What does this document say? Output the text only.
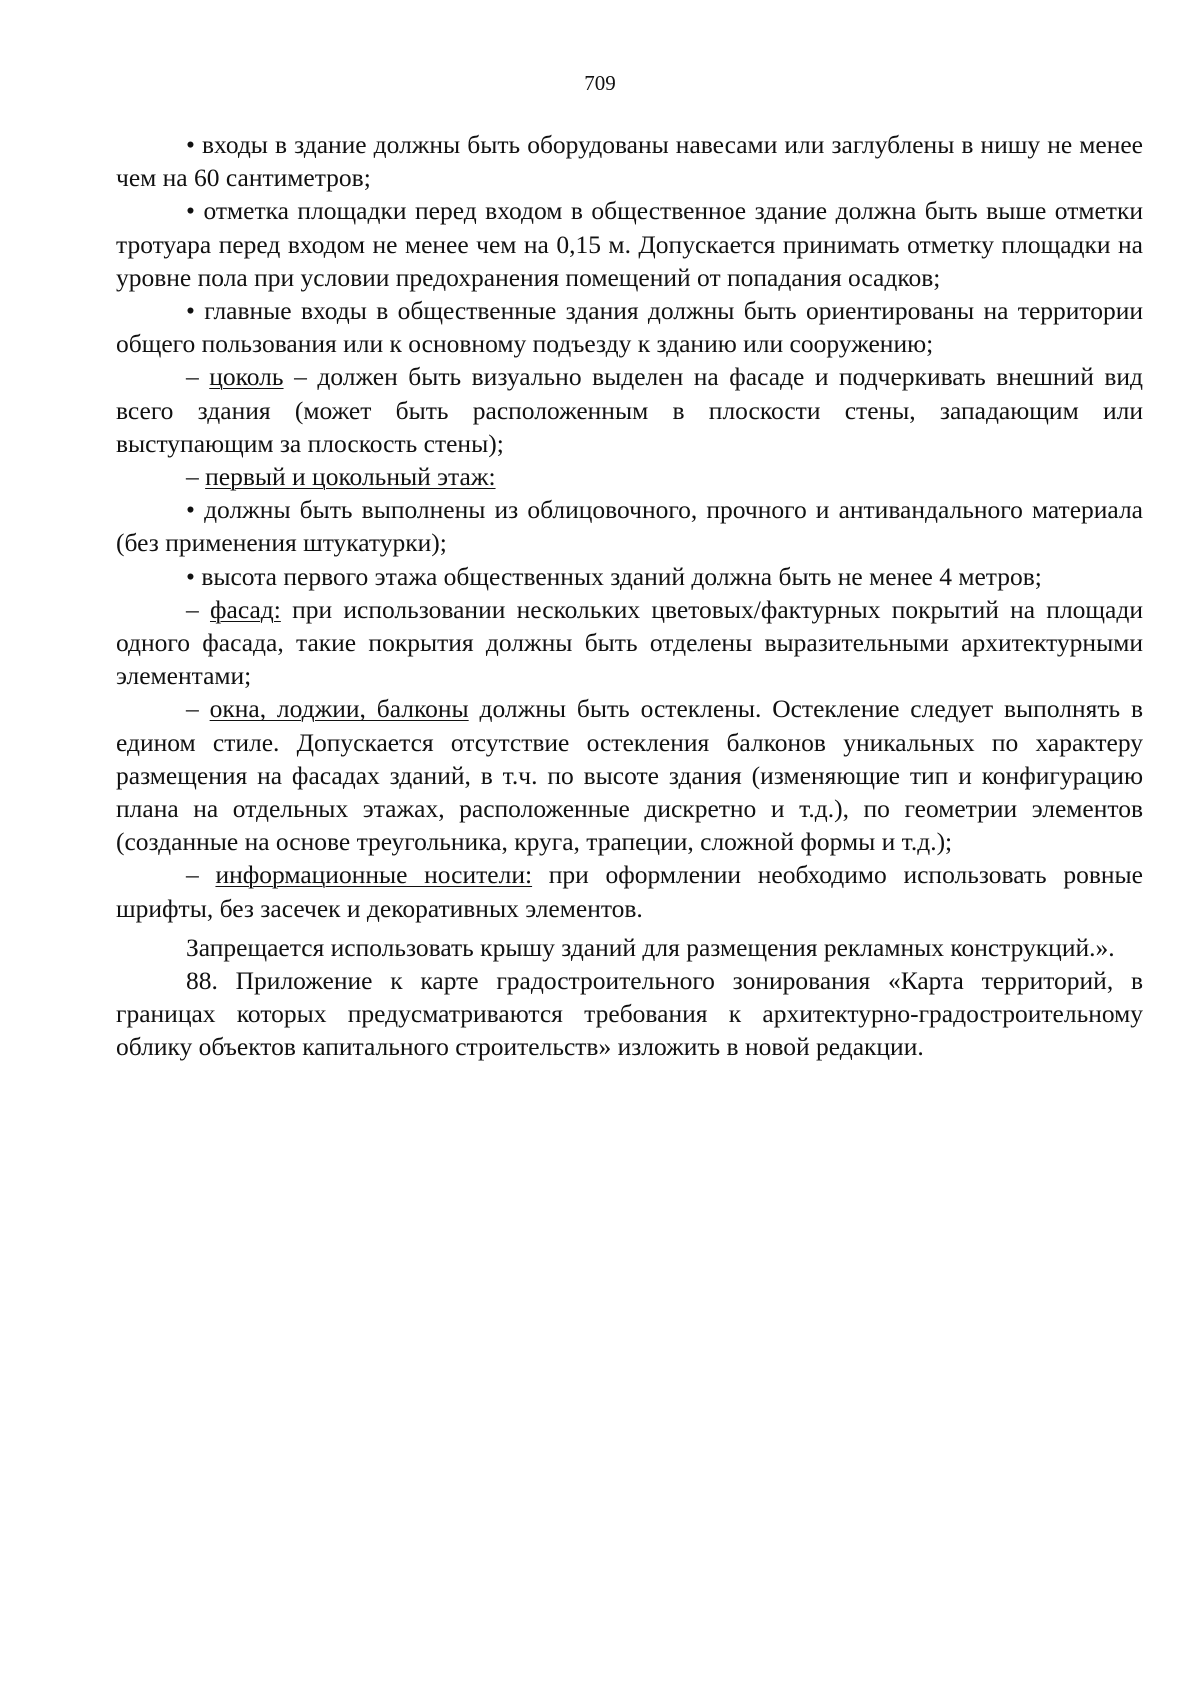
709

• входы в здание должны быть оборудованы навесами или заглублены в нишу не менее чем на 60 сантиметров;

• отметка площадки перед входом в общественное здание должна быть выше отметки тротуара перед входом не менее чем на 0,15 м. Допускается принимать отметку площадки на уровне пола при условии предохранения помещений от попадания осадков;

• главные входы в общественные здания должны быть ориентированы на территории общего пользования или к основному подъезду к зданию или сооружению;

– цоколь – должен быть визуально выделен на фасаде и подчеркивать внешний вид всего здания (может быть расположенным в плоскости стены, западающим или выступающим за плоскость стены);

– первый и цокольный этаж:

• должны быть выполнены из облицовочного, прочного и антивандального материала (без применения штукатурки);

• высота первого этажа общественных зданий должна быть не менее 4 метров;

– фасад: при использовании нескольких цветовых/фактурных покрытий на площади одного фасада, такие покрытия должны быть отделены выразительными архитектурными элементами;

– окна, лоджии, балконы должны быть остеклены. Остекление следует выполнять в едином стиле. Допускается отсутствие остекления балконов уникальных по характеру размещения на фасадах зданий, в т.ч. по высоте здания (изменяющие тип и конфигурацию плана на отдельных этажах, расположенные дискретно и т.д.), по геометрии элементов (созданные на основе треугольника, круга, трапеции, сложной формы и т.д.);

– информационные носители: при оформлении необходимо использовать ровные шрифты, без засечек и декоративных элементов.

Запрещается использовать крышу зданий для размещения рекламных конструкций.».

88. Приложение к карте градостроительного зонирования «Карта территорий, в границах которых предусматриваются требования к архитектурно-градостроительному облику объектов капитального строительств» изложить в новой редакции.
